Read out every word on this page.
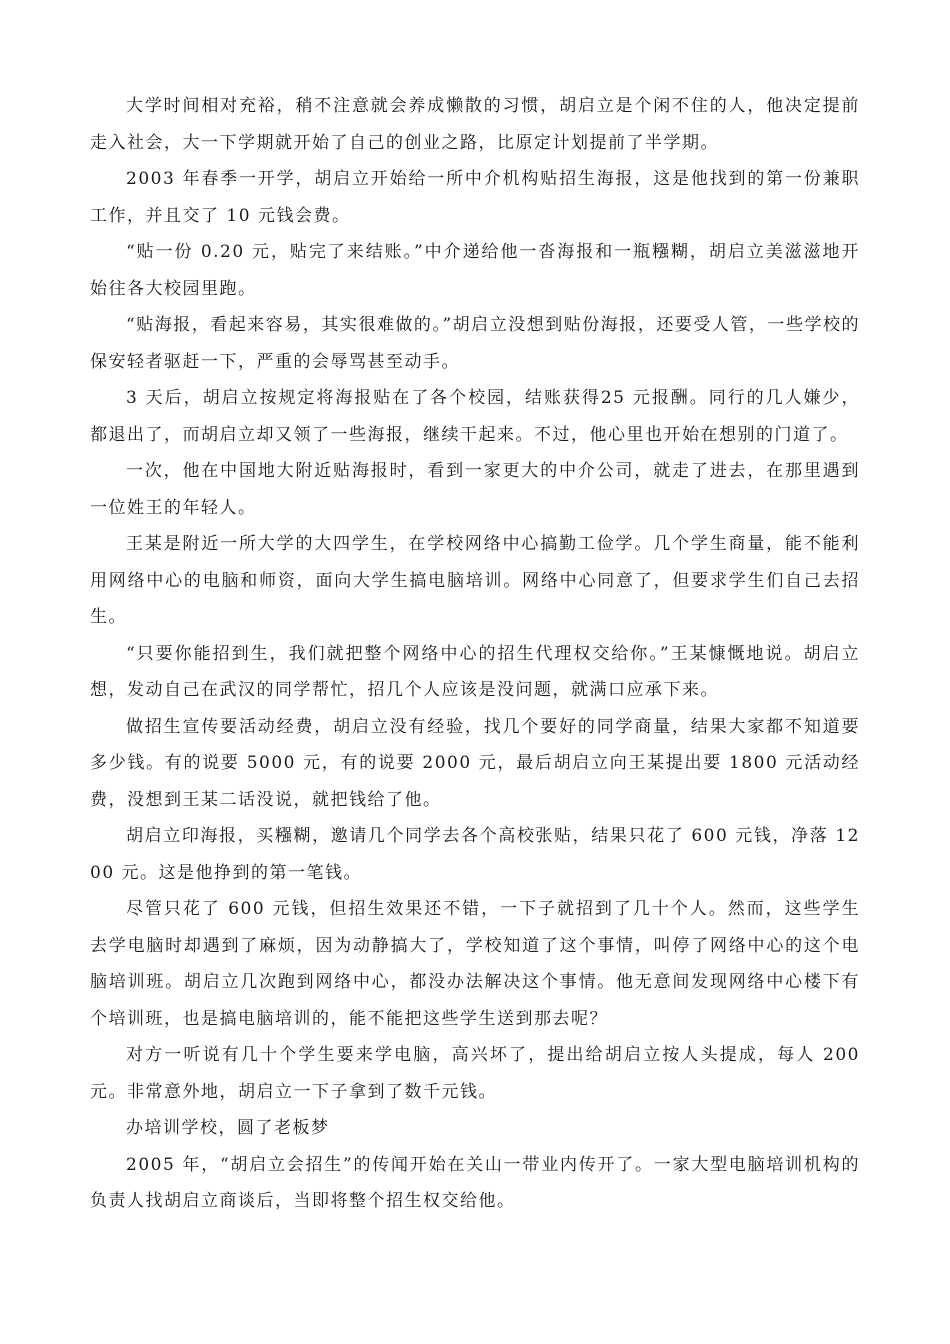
大学时间相对充裕，稍不注意就会养成懒散的习惯，胡启立是个闲不住的人，他决定提前走入社会，大一下学期就开始了自己的创业之路，比原定计划提前了半学期。

2003 年春季一开学，胡启立开始给一所中介机构贴招生海报，这是他找到的第一份兼职工作，并且交了 10 元钱会费。

“贴一份 0.20 元，贴完了来结账。”中介递给他一沓海报和一瓶糨糊，胡启立美滋滋地开始往各大校园里跑。

“贴海报，看起来容易，其实很难做的。”胡启立没想到贴份海报，还要受人管，一些学校的保安轻者驱赶一下，严重的会辱骂甚至动手。

3 天后，胡启立按规定将海报贴在了各个校园，结账获得25 元报酬。同行的几人嫌少，都退出了，而胡启立却又领了一些海报，继续干起来。不过，他心里也开始在想别的门道了。

一次，他在中国地大附近贴海报时，看到一家更大的中介公司，就走了进去，在那里遇到一位姓王的年轻人。

王某是附近一所大学的大四学生，在学校网络中心搞勤工俭学。几个学生商量，能不能利用网络中心的电脑和师资，面向大学生搞电脑培训。网络中心同意了，但要求学生们自己去招生。

“只要你能招到生，我们就把整个网络中心的招生代理权交给你。”王某慷慨地说。胡启立想，发动自己在武汉的同学帮忙，招几个人应该是没问题，就满口应承下来。

做招生宣传要活动经费，胡启立没有经验，找几个要好的同学商量，结果大家都不知道要多少钱。有的说要 5000 元，有的说要 2000 元，最后胡启立向王某提出要 1800 元活动经费，没想到王某二话没说，就把钱给了他。

胡启立印海报，买糨糊，邀请几个同学去各个高校张贴，结果只花了 600 元钱，净落 1200 元。这是他挣到的第一笔钱。

尽管只花了 600 元钱，但招生效果还不错，一下子就招到了几十个人。然而，这些学生去学电脑时却遇到了麻烦，因为动静搞大了，学校知道了这个事情，叫停了网络中心的这个电脑培训班。胡启立几次跑到网络中心，都没办法解决这个事情。他无意间发现网络中心楼下有个培训班，也是搞电脑培训的，能不能把这些学生送到那去呢？

对方一听说有几十个学生要来学电脑，高兴坏了，提出给胡启立按人头提成，每人 200 元。非常意外地，胡启立一下子拿到了数千元钱。

办培训学校，圆了老板梦

2005 年，“胡启立会招生”的传闻开始在关山一带业内传开了。一家大型电脑培训机构的负责人找胡启立商谈后，当即将整个招生权交给他。
